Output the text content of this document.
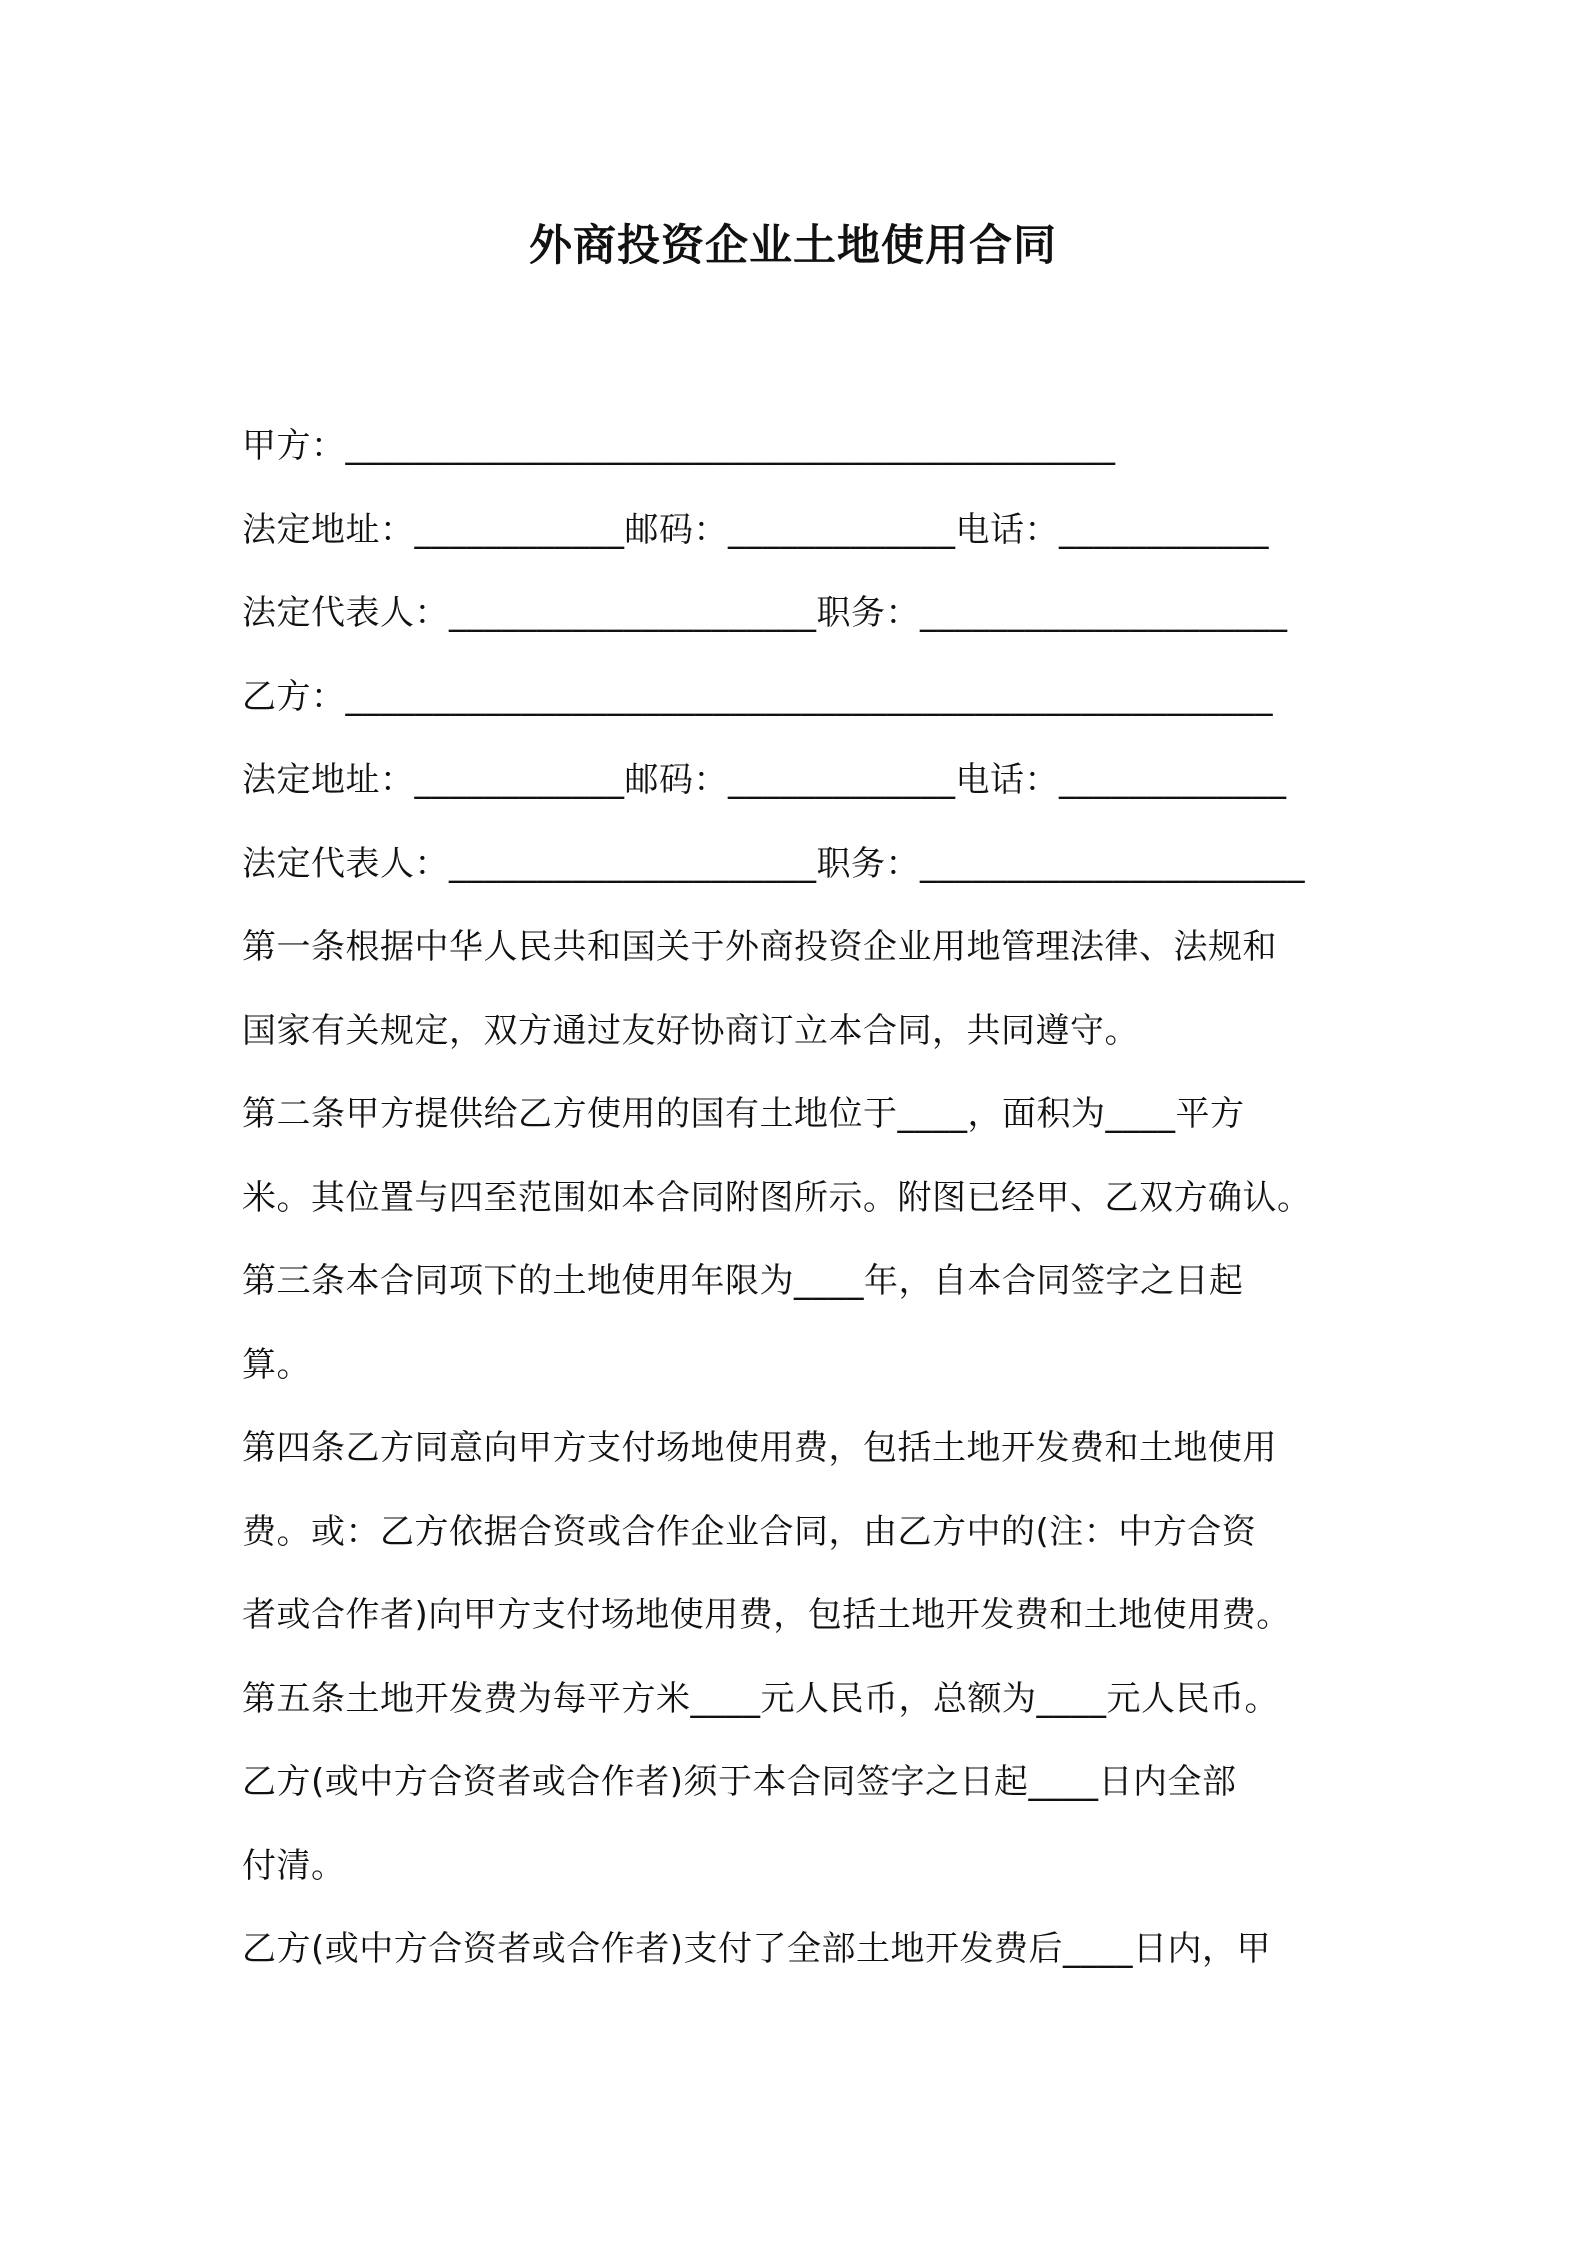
外商投资企业土地使用合同
甲方：____________________________________________
法定地址：____________邮码：_____________电话：____________
法定代表人：_____________________职务：_____________________
乙方：_____________________________________________________
法定地址：____________邮码：_____________电话：_____________
法定代表人：_____________________职务：______________________
第一条根据中华人民共和国关于外商投资企业用地管理法律、法规和
国家有关规定，双方通过友好协商订立本合同，共同遵守。
第二条甲方提供给乙方使用的国有土地位于____，面积为____平方
米。其位置与四至范围如本合同附图所示。附图已经甲、乙双方确认。
第三条本合同项下的土地使用年限为____年，自本合同签字之日起
算。
第四条乙方同意向甲方支付场地使用费，包括土地开发费和土地使用
费。或：乙方依据合资或合作企业合同，由乙方中的(注：中方合资
者或合作者)向甲方支付场地使用费，包括土地开发费和土地使用费。
第五条土地开发费为每平方米____元人民币，总额为____元人民币。
乙方(或中方合资者或合作者)须于本合同签字之日起____日内全部
付清。
乙方(或中方合资者或合作者)支付了全部土地开发费后____日内，甲
